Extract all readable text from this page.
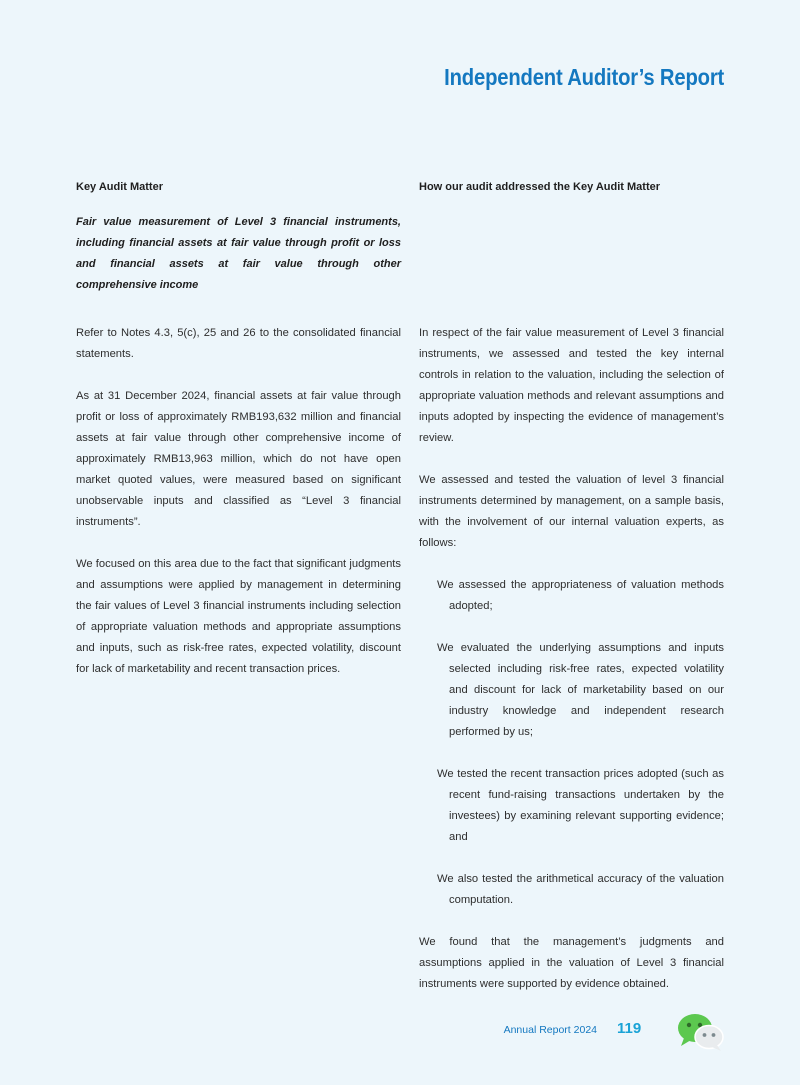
Independent Auditor’s Report
Key Audit Matter
Fair value measurement of Level 3 financial instruments, including financial assets at fair value through profit or loss and financial assets at fair value through other comprehensive income

Refer to Notes 4.3, 5(c), 25 and 26 to the consolidated financial statements.

As at 31 December 2024, financial assets at fair value through profit or loss of approximately RMB193,632 million and financial assets at fair value through other comprehensive income of approximately RMB13,963 million, which do not have open market quoted values, were measured based on significant unobservable inputs and classified as “Level 3 financial instruments”.

We focused on this area due to the fact that significant judgments and assumptions were applied by management in determining the fair values of Level 3 financial instruments including selection of appropriate valuation methods and appropriate assumptions and inputs, such as risk-free rates, expected volatility, discount for lack of marketability and recent transaction prices.

How our audit addressed the Key Audit Matter

In respect of the fair value measurement of Level 3 financial instruments, we assessed and tested the key internal controls in relation to the valuation, including the selection of appropriate valuation methods and relevant assumptions and inputs adopted by inspecting the evidence of management’s review.

We assessed and tested the valuation of level 3 financial instruments determined by management, on a sample basis, with the involvement of our internal valuation experts, as follows:

We assessed the appropriateness of valuation methods adopted;
We evaluated the underlying assumptions and inputs selected including risk-free rates, expected volatility and discount for lack of marketability based on our industry knowledge and independent research performed by us;
We tested the recent transaction prices adopted (such as recent fund-raising transactions undertaken by the investees) by examining relevant supporting evidence; and
We also tested the arithmetical accuracy of the valuation computation.

We found that the management’s judgments and assumptions applied in the valuation of Level 3 financial instruments were supported by evidence obtained.

Annual Report 2024 119
